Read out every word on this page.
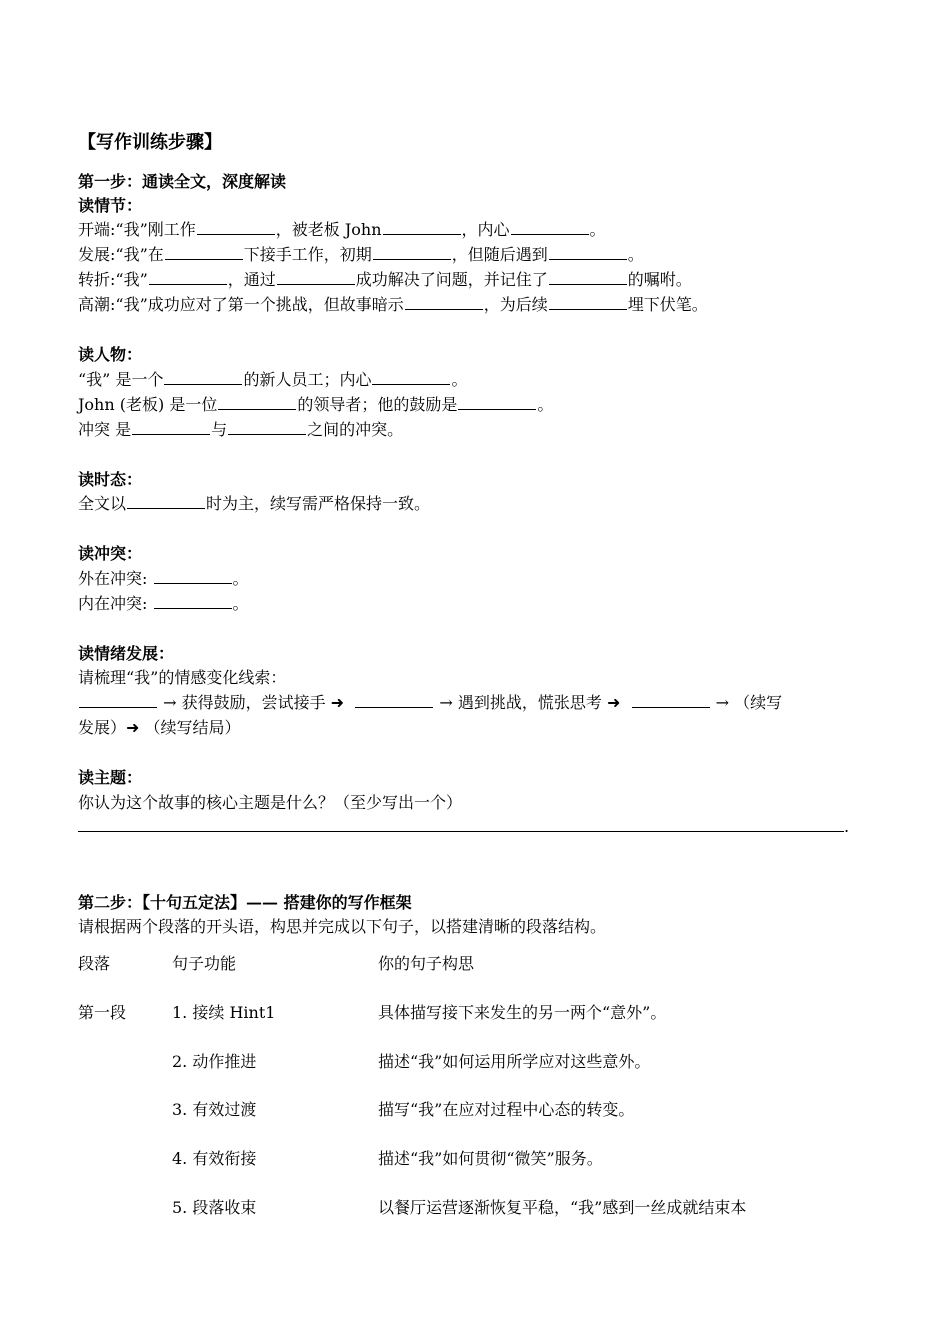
【写作训练步骤】
第一步：通读全文，深度解读
读情节：
开端:“我”刚工作	，被老板 John	，内心	。
发展:“我”在	下接手工作，初期	，但随后遇到	。
转折:“我”	，通过	成功解决了问题，并记住了	的嘱咐。
高潮:“我”成功应对了第一个挑战，但故事暗示	，为后续	埋下伏笔。
读人物：
“我” 是一个	的新人员工；内心	。
John (老板) 是一位	的领导者；他的鼓励是	。
冲突 是	与	之间的冲突。
读时态：
全文以	时为主，续写需严格保持一致。
读冲突：
外在冲突:	。
内在冲突:	。
读情绪发展：
请梳理“我”的情感变化线索：
→ 获得鼓励，尝试接手 ➜	→ 遇到挑战，慌张思考 ➜	→ （续写
发展）➜ （续写结局）
读主题：
你认为这个故事的核心主题是什么？（至少写出一个）
.
第二步：【十句五定法】—— 搭建你的写作框架
请根据两个段落的开头语，构思并完成以下句子，以搭建清晰的段落结构。
段落	句子功能	你的句子构思
第一段	1. 接续 Hint1	具体描写接下来发生的另一两个“意外”。
2. 动作推进	描述“我”如何运用所学应对这些意外。
3. 有效过渡	描写“我”在应对过程中心态的转变。
4. 有效衔接	描述“我”如何贯彻“微笑”服务。
5. 段落收束	以餐厅运营逐渐恢复平稳，“我”感到一丝成就结束本
